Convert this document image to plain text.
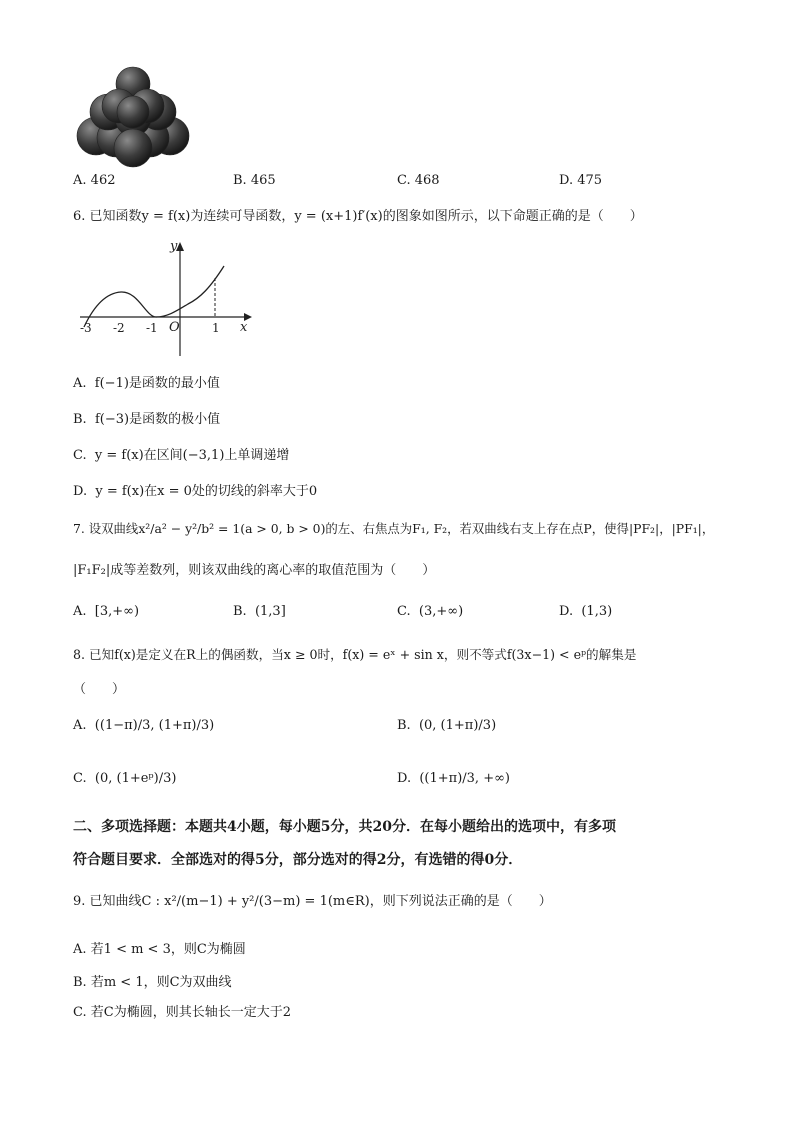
A. 462	B. 465	C. 468	D. 475
6. 已知函数y = f(x)为连续可导函数，y = (x+1)f′(x)的图象如图所示，以下命题正确的是（　　）
y
x
O
-3 -2 -1	1
A. f(−1)是函数的最小值
B. f(−3)是函数的极小值
C. y = f(x)在区间(−3,1)上单调递增
D. y = f(x)在x = 0处的切线的斜率大于0
7. 设双曲线x²/a² − y²/b² = 1(a > 0, b > 0)的左、右焦点为F₁, F₂，若双曲线右支上存在点P，使得|PF₂|，|PF₁|，
|F₁F₂|成等差数列，则该双曲线的离心率的取值范围为（　　）
A. [3,+∞)	B. (1,3]	C. (3,+∞)	D. (1,3)
8. 已知f(x)是定义在R上的偶函数，当x ≥ 0时，f(x) = eˣ + sin x，则不等式f(3x−1) < eᵖ的解集是
（　　）
A. ((1−π)/3, (1+π)/3)	B. (0, (1+π)/3)
C. (0, (1+eᵖ)/3)	D. ((1+π)/3, +∞)
二、多项选择题：本题共4小题，每小题5分，共20分．在每小题给出的选项中，有多项
符合题目要求．全部选对的得5分，部分选对的得2分，有选错的得0分．
9. 已知曲线C : x²/(m−1) + y²/(3−m) = 1(m∈R)，则下列说法正确的是（　　）
A. 若1 < m < 3，则C为椭圆
B. 若m < 1，则C为双曲线
C. 若C为椭圆，则其长轴长一定大于2
